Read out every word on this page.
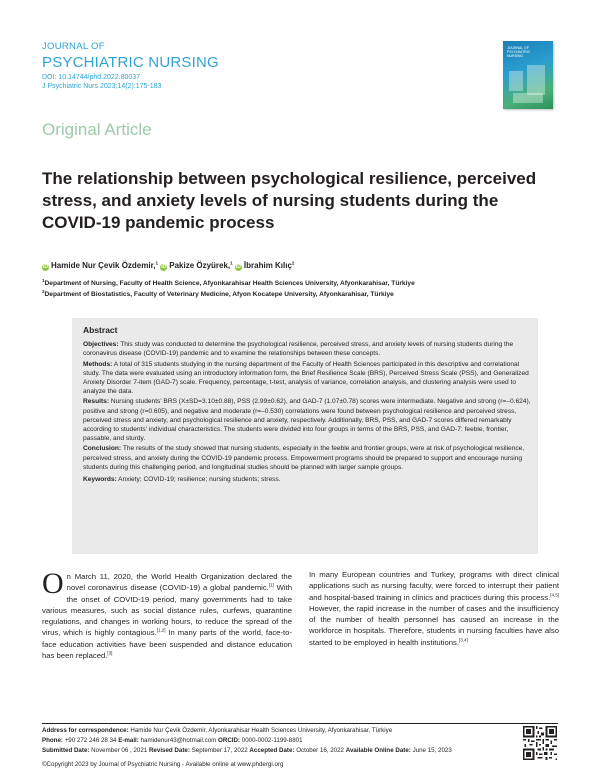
JOURNAL OF
PSYCHIATRIC NURSING
DOI: 10.14744/phd.2022.80037
J Psychiatric Nurs 2023;14(2):175-183
JOURNAL OF PSYCHIATRIC NURSING
Original Article
The relationship between psychological resilience, perceived stress, and anxiety levels of nursing students during the COVID-19 pandemic process
iD Hamide Nur Çevik Özdemir,$^1$ iD Pakize Özyürek,$^1$ iD İbrahim Kılıç$^2$
$^1$Department of Nursing, Faculty of Health Science, Afyonkarahisar Health Sciences University, Afyonkarahisar, Türkiye
$^2$Department of Biostatistics, Faculty of Veterinary Medicine, Afyon Kocatepe University, Afyonkarahisar, Türkiye
Abstract

Objectives: This study was conducted to determine the psychological resilience, perceived stress, and anxiety levels of nursing students during the coronavirus disease (COVID-19) pandemic and to examine the relationships between these concepts.

Methods: A total of 315 students studying in the nursing department of the Faculty of Health Sciences participated in this descriptive and correlational study. The data were evaluated using an introductory information form, the Brief Resilience Scale (BRS), Perceived Stress Scale (PSS), and Generalized Anxiety Disorder 7-item (GAD-7) scale. Frequency, percentage, t-test, analysis of variance, correlation analysis, and clustering analysis were used to analyze the data.

Results: Nursing students' BRS (X±SD=3.10±0.88), PSS (2.99±0.62), and GAD-7 (1.07±0.78) scores were intermediate. Negative and strong (r=–0.624), positive and strong (r=0.605), and negative and moderate (r=–0.530) correlations were found between psychological resilience and perceived stress, perceived stress and anxiety, and psychological resilience and anxiety, respectively. Additionally, BRS, PSS, and GAD-7 scores differed remarkably according to students' individual characteristics. The students were divided into four groups in terms of the BRS, PSS, and GAD-7: feeble, frontier, passable, and sturdy.

Conclusion: The results of the study showed that nursing students, especially in the feeble and frontier groups, were at risk of psychological resilience, perceived stress, and anxiety during the COVID-19 pandemic process. Empowerment programs should be prepared to support and encourage nursing students during this challenging period, and longitudinal studies should be planned with larger sample groups.

Keywords: Anxiety; COVID-19; resilience; nursing students; stress.

On March 11, 2020, the World Health Organization declared the novel coronavirus disease (COVID-19) a global pandemic.[1] With the onset of COVID-19 period, many governments had to take various measures, such as social distance rules, curfews, quarantine regulations, and changes in working hours, to reduce the spread of the virus, which is highly contagious.[1,2] In many parts of the world, face-to-face education activities have been suspended and distance education has been replaced.[3]
In many European countries and Turkey, programs with direct clinical applications such as nursing faculty, were forced to interrupt their patient and hospital-based training in clinics and practices during this process.[4,5] However, the rapid increase in the number of cases and the insufficiency of the number of health personnel has caused an increase in the workforce in hospitals. Therefore, students in nursing faculties have also started to be employed in health institutions.[3,4]
Address for correspondence: Hamide Nur Çevik Özdemir, Afyonkarahisar Health Sciences University, Afyonkarahisar, Türkiye
Phone: +90 272 246 28 34 E-mail: hamidenur43@hotmail.com ORCID: 0000-0002-1199-8801
Submitted Date: November 06 , 2021 Revised Date: September 17, 2022 Accepted Date: October 16, 2022 Available Online Date: June 15, 2023
©Copyright 2023 by Journal of Psychiatric Nursing - Available online at www.phdergi.org
